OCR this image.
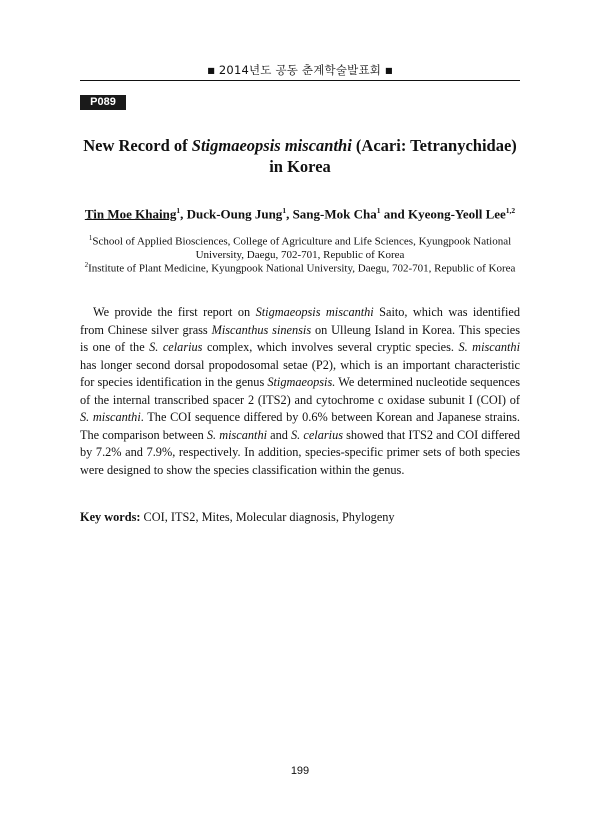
■ 2014년도 공동 춘계학술발표회 ■
P089
New Record of Stigmaeopsis miscanthi (Acari: Tetranychidae)
in Korea
Tin Moe Khaing$^1$, Duck-Oung Jung$^1$, Sang-Mok Cha$^1$ and Kyeong-Yeoll Lee$^{1,2}$
$^1$School of Applied Biosciences, College of Agriculture and Life Sciences, Kyungpook National
University, Daegu, 702-701, Republic of Korea
$^2$Institute of Plant Medicine, Kyungpook National University, Daegu, 702-701, Republic of Korea

We provide the first report on Stigmaeopsis miscanthi Saito, which was identified from Chinese silver grass Miscanthus sinensis on Ulleung Island in Korea. This species is one of the S. celarius complex, which involves several cryptic species. S. miscanthi has longer second dorsal propodosomal setae (P2), which is an important characteristic for species identification in the genus Stigmaeopsis. We determined nucleotide sequences of the internal transcribed spacer 2 (ITS2) and cytochrome c oxidase subunit I (COI) of S. miscanthi. The COI sequence differed by 0.6% between Korean and Japanese strains. The comparison between S. miscanthi and S. celarius showed that ITS2 and COI differed by 7.2% and 7.9%, respectively. In addition, species-specific primer sets of both species were designed to show the species classification within the genus.

Key words: COI, ITS2, Mites, Molecular diagnosis, Phylogeny
199
